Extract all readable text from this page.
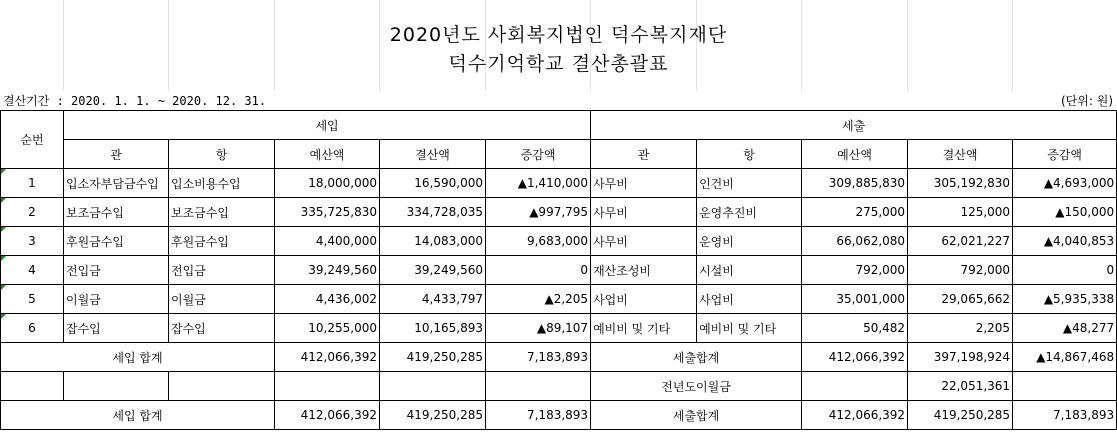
2020년도 사회복지법인 덕수복지재단
덕수기억학교 결산총괄표
결산기간 : 2020. 1. 1. ~ 2020. 12. 31.	(단위: 원)
순번	세입					세출				
	관	항	예산액	결산액	증감액	관	항	예산액	결산액	증감액
1	입소자부담금수입	입소비용수입	18,000,000	16,590,000	▲1,410,000	사무비	인건비	309,885,830	305,192,830	▲4,693,000
2	보조금수입	보조금수입	335,725,830	334,728,035	▲997,795	사무비	운영추진비	275,000	125,000	▲150,000
3	후원금수입	후원금수입	4,400,000	14,083,000	9,683,000	사무비	운영비	66,062,080	62,021,227	▲4,040,853
4	전입금	전입금	39,249,560	39,249,560	0	재산조성비	시설비	792,000	792,000	0
5	이월금	이월금	4,436,002	4,433,797	▲2,205	사업비	사업비	35,001,000	29,065,662	▲5,935,338
6	잡수입	잡수입	10,255,000	10,165,893	▲89,107	예비비 및 기타	예비비 및 기타	50,482	2,205	▲48,277
세입 합계			412,066,392	419,250,285	7,183,893	세출합계		412,066,392	397,198,924	▲14,867,468
						전년도이월금			22,051,361	
세입 합계			412,066,392	419,250,285	7,183,893	세출합계		412,066,392	419,250,285	7,183,893
